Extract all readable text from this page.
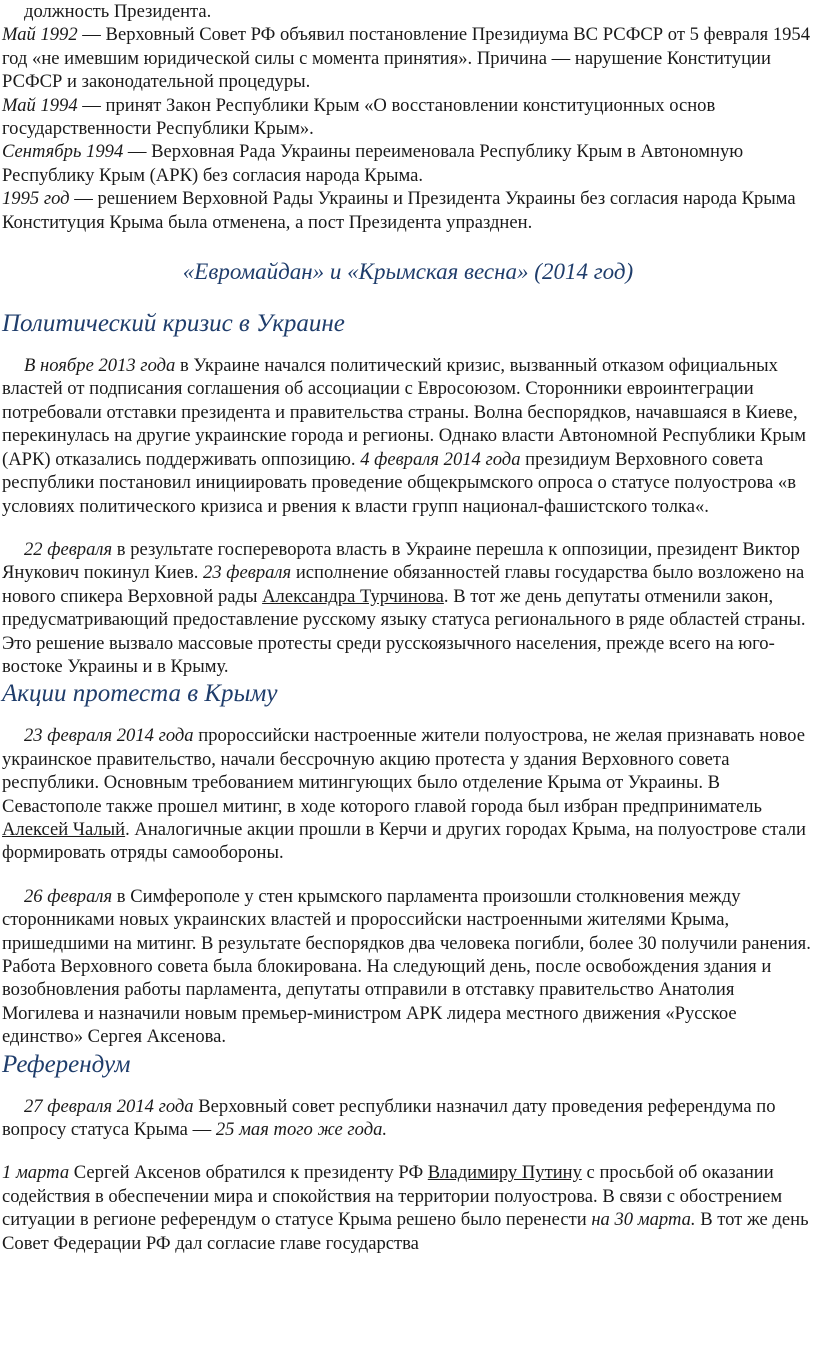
должность Президента.

Май 1992 — Верховный Совет РФ объявил постановление Президиума ВС РСФСР от 5 февраля 1954 год «не имевшим юридической силы с момента принятия». Причина — нарушение Конституции РСФСР и законодательной процедуры.

Май 1994 — принят Закон Республики Крым «О восстановлении конституционных основ государственности Республики Крым».

Сентябрь 1994 — Верховная Рада Украины переименовала Республику Крым в Автономную Республику Крым (АРК) без согласия народа Крыма.

1995 год — решением Верховной Рады Украины и Президента Украины без согласия народа Крыма Конституция Крыма была отменена, а пост Президента упразднен.

«Евромайдан» и «Крымская весна» (2014 год)
Политический кризис в Украине

В ноябре 2013 года в Украине начался политический кризис, вызванный отказом официальных властей от подписания соглашения об ассоциации с Евросоюзом. Сторонники евроинтеграции потребовали отставки президента и правительства страны. Волна беспорядков, начавшаяся в Киеве, перекинулась на другие украинские города и регионы. Однако власти Автономной Республики Крым (АРК) отказались поддерживать оппозицию. 4 февраля 2014 года президиум Верховного совета республики постановил инициировать проведение общекрымского опроса о статусе полуострова «в условиях политического кризиса и рвения к власти групп национал-фашистского толка«.

22 февраля в результате госпереворота власть в Украине перешла к оппозиции, президент Виктор Янукович покинул Киев. 23 февраля исполнение обязанностей главы государства было возложено на нового спикера Верховной рады Александра Турчинова. В тот же день депутаты отменили закон, предусматривающий предоставление русскому языку статуса регионального в ряде областей страны. Это решение вызвало массовые протесты среди русскоязычного населения, прежде всего на юго-востоке Украины и в Крыму.

Акции протеста в Крыму

23 февраля 2014 года пророссийски настроенные жители полуострова, не желая признавать новое украинское правительство, начали бессрочную акцию протеста у здания Верховного совета республики. Основным требованием митингующих было отделение Крыма от Украины. В Севастополе также прошел митинг, в ходе которого главой города был избран предприниматель Алексей Чалый. Аналогичные акции прошли в Керчи и других городах Крыма, на полуострове стали формировать отряды самообороны.

26 февраля в Симферополе у стен крымского парламента произошли столкновения между сторонниками новых украинских властей и пророссийски настроенными жителями Крыма, пришедшими на митинг. В результате беспорядков два человека погибли, более 30 получили ранения. Работа Верховного совета была блокирована. На следующий день, после освобождения здания и возобновления работы парламента, депутаты отправили в отставку правительство Анатолия Могилева и назначили новым премьер-министром АРК лидера местного движения «Русское единство» Сергея Аксенова.

Референдум

27 февраля 2014 года Верховный совет республики назначил дату проведения референдума по вопросу статуса Крыма — 25 мая того же года.

1 марта Сергей Аксенов обратился к президенту РФ Владимиру Путину с просьбой об оказании содействия в обеспечении мира и спокойствия на территории полуострова. В связи с обострением ситуации в регионе референдум о статусе Крыма решено было перенести на 30 марта. В тот же день Совет Федерации РФ дал согласие главе государства
